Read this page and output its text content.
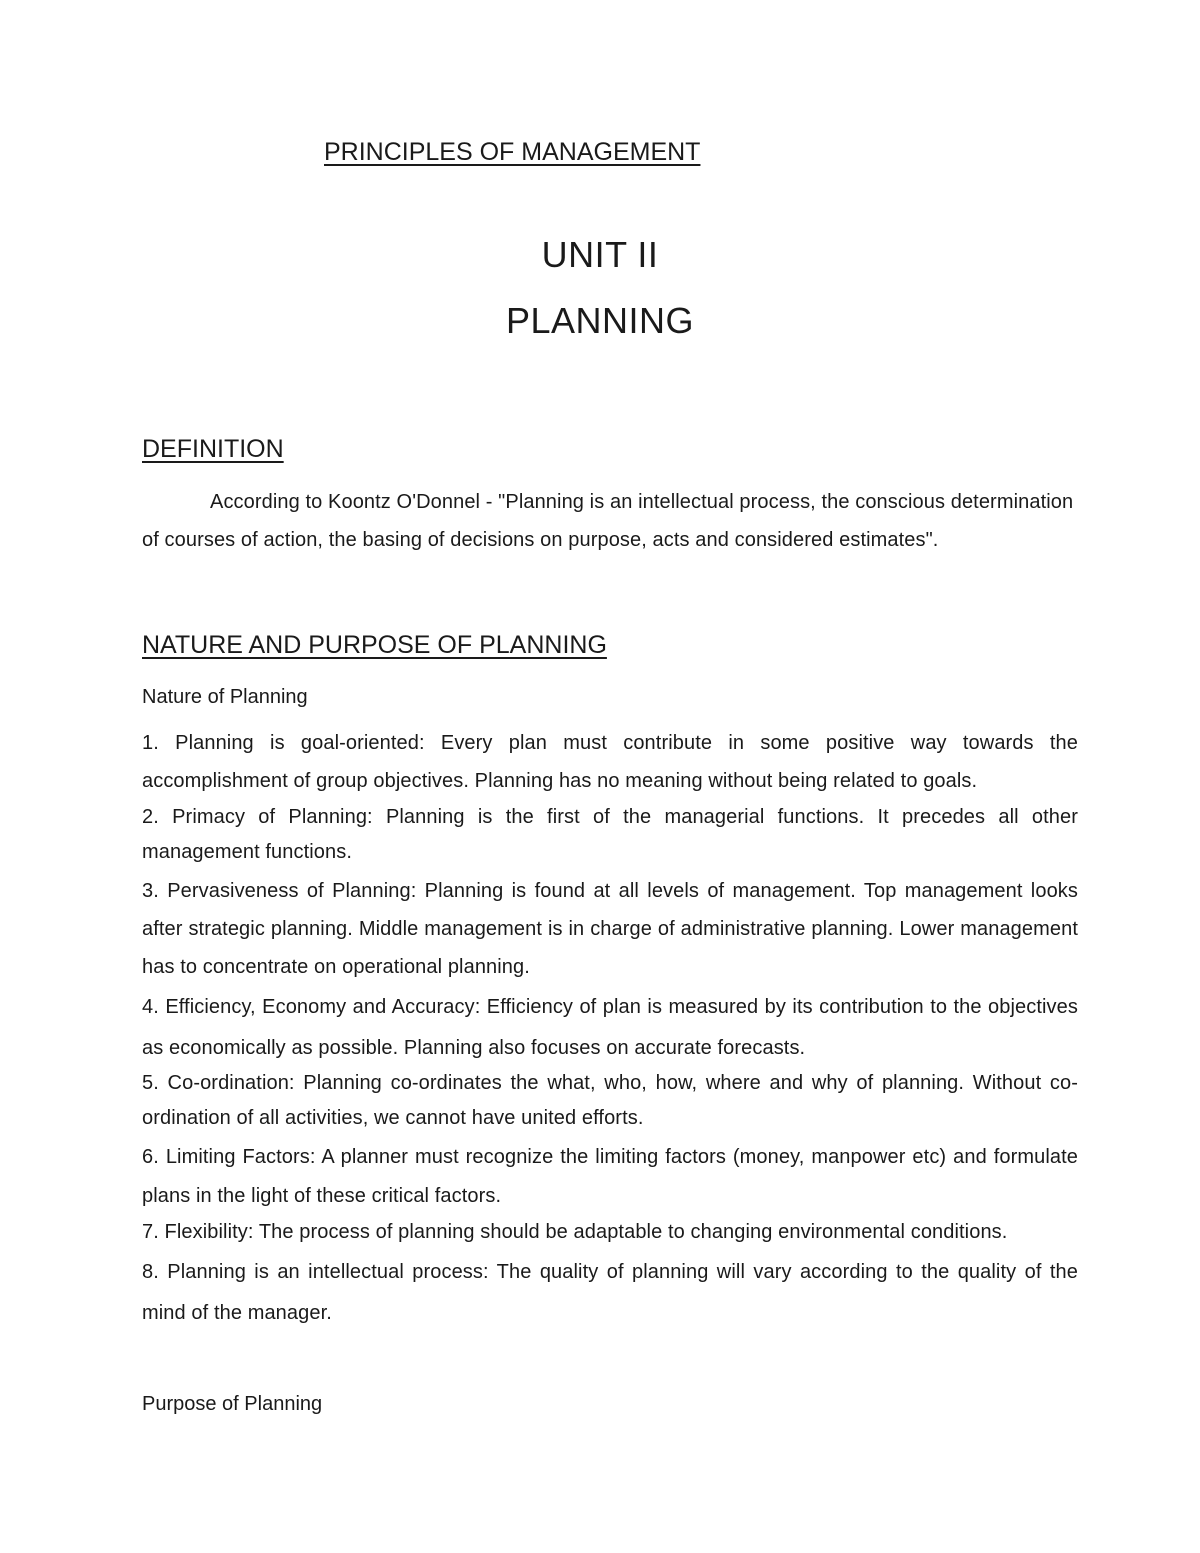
PRINCIPLES OF MANAGEMENT
UNIT II
PLANNING
DEFINITION

According to Koontz O'Donnel - "Planning is an intellectual process, the conscious determination of courses of action, the basing of decisions on purpose, acts and considered estimates".

NATURE AND PURPOSE OF PLANNING
Nature of Planning
1. Planning is goal-oriented: Every plan must contribute in some positive way towards the accomplishment of group objectives. Planning has no meaning without being related to goals.
2. Primacy of Planning: Planning is the first of the managerial functions. It precedes all other management functions.
3. Pervasiveness of Planning: Planning is found at all levels of management. Top management looks after strategic planning. Middle management is in charge of administrative planning. Lower management has to concentrate on operational planning.
4. Efficiency, Economy and Accuracy: Efficiency of plan is measured by its contribution to the objectives as economically as possible. Planning also focuses on accurate forecasts.
5. Co-ordination: Planning co-ordinates the what, who, how, where and why of planning. Without co-ordination of all activities, we cannot have united efforts.
6. Limiting Factors: A planner must recognize the limiting factors (money, manpower etc) and formulate plans in the light of these critical factors.
7. Flexibility: The process of planning should be adaptable to changing environmental conditions.
8. Planning is an intellectual process: The quality of planning will vary according to the quality of the mind of the manager.
Purpose of Planning
